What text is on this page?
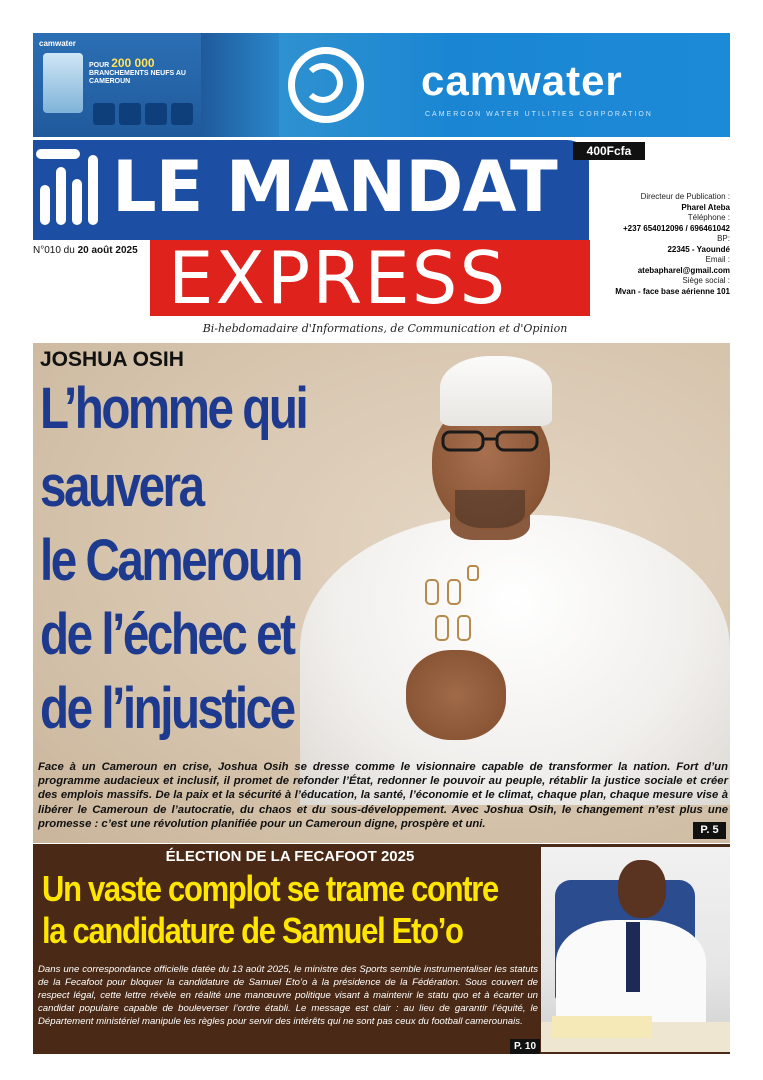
camwater
POUR 200 000
BRANCHEMENTS NEUFS AU CAMEROUN	camwater
CAMEROON WATER UTILITIES CORPORATION
LE MANDAT
EXPRESS
400Fcfa
N°010 du 20 août 2025
Directeur de Publication :
Pharel Ateba
Téléphone :
+237 654012096 / 696461042
BP:
22345 - Yaoundé
Email :
atebapharel@gmail.com
Siège social :
Mvan - face base aérienne 101
Bi-hebdomadaire d'Informations, de Communication et d'Opinion
JOSHUA OSIH
L’homme qui
sauvera
le Cameroun
de l’échec et
de l’injustice
Face à un Cameroun en crise, Joshua Osih se dresse comme le visionnaire capable de transformer la nation. Fort d’un programme audacieux et inclusif, il promet de refonder l’État, redonner le pouvoir au peuple, rétablir la justice sociale et créer des emplois massifs. De la paix et la sécurité à l’éducation, la santé, l’économie et le climat, chaque plan, chaque mesure vise à libérer le Cameroun de l’autocratie, du chaos et du sous-développement. Avec Joshua Osih, le changement n’est plus une promesse : c’est une révolution planifiée pour un Cameroun digne, prospère et uni.
P. 5
ÉLECTION DE LA FECAFOOT 2025
Un vaste complot se trame contre
la candidature de Samuel Eto’o
Dans une correspondance officielle datée du 13 août 2025, le ministre des Sports semble instrumentaliser les statuts de la Fecafoot pour bloquer la candidature de Samuel Eto’o à la présidence de la Fédération. Sous couvert de respect légal, cette lettre révèle en réalité une manœuvre politique visant à maintenir le statu quo et à écarter un candidat populaire capable de bouleverser l’ordre établi. Le message est clair : au lieu de garantir l’équité, le Département ministériel manipule les règles pour servir des intérêts qui ne sont pas ceux du football camerounais.
P. 10
